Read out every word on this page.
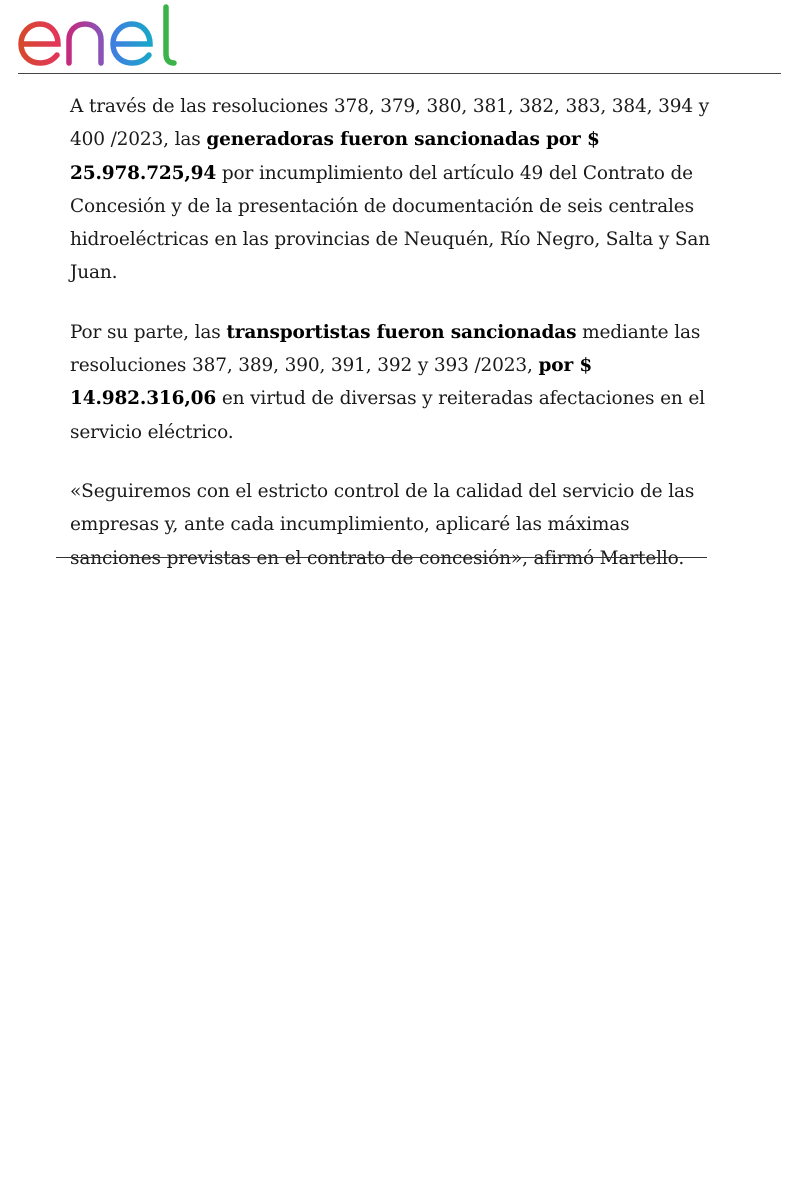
A través de las resoluciones 378, 379, 380, 381, 382, 383, 384, 394 y 400 /2023, las generadoras fueron sancionadas por $ 25.978.725,94 por incumplimiento del artículo 49 del Contrato de Concesión y de la presentación de documentación de seis centrales hidroeléctricas en las provincias de Neuquén, Río Negro, Salta y San Juan.

Por su parte, las transportistas fueron sancionadas mediante las resoluciones 387, 389, 390, 391, 392 y 393 /2023, por $ 14.982.316,06 en virtud de diversas y reiteradas afectaciones en el servicio eléctrico.

«Seguiremos con el estricto control de la calidad del servicio de las empresas y, ante cada incumplimiento, aplicaré las máximas sanciones previstas en el contrato de concesión», afirmó Martello.
